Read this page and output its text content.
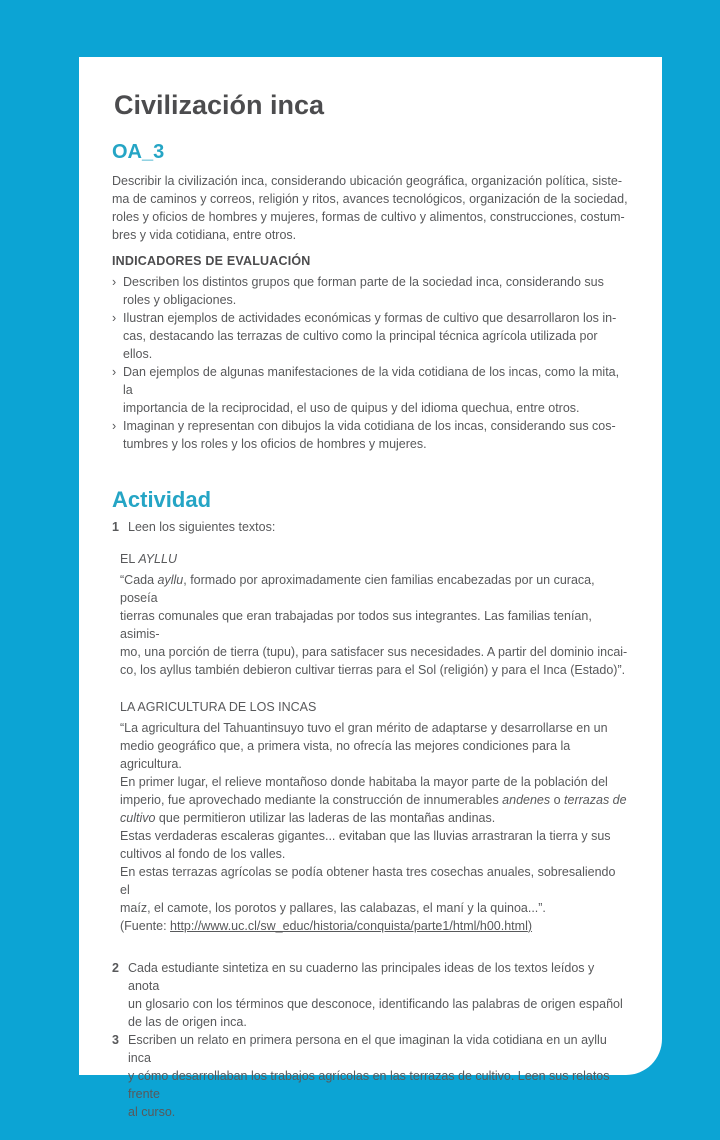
Civilización inca
OA_3
Describir la civilización inca, considerando ubicación geográfica, organización política, siste-
ma de caminos y correos, religión y ritos, avances tecnológicos, organización de la sociedad,
roles y oficios de hombres y mujeres, formas de cultivo y alimentos, construcciones, costum-
bres y vida cotidiana, entre otros.
INDICADORES DE EVALUACIÓN
› Describen los distintos grupos que forman parte de la sociedad inca, considerando sus
roles y obligaciones.
› Ilustran ejemplos de actividades económicas y formas de cultivo que desarrollaron los in-
cas, destacando las terrazas de cultivo como la principal técnica agrícola utilizada por ellos.
› Dan ejemplos de algunas manifestaciones de la vida cotidiana de los incas, como la mita, la
importancia de la reciprocidad, el uso de quipus y del idioma quechua, entre otros.
› Imaginan y representan con dibujos la vida cotidiana de los incas, considerando sus cos-
tumbres y los roles y los oficios de hombres y mujeres.
Actividad
1 Leen los siguientes textos:
EL AYLLU
“Cada ayllu, formado por aproximadamente cien familias encabezadas por un curaca, poseía
tierras comunales que eran trabajadas por todos sus integrantes. Las familias tenían, asimis-
mo, una porción de tierra (tupu), para satisfacer sus necesidades. A partir del dominio incai-
co, los ayllus también debieron cultivar tierras para el Sol (religión) y para el Inca (Estado)”.
LA AGRICULTURA DE LOS INCAS
“La agricultura del Tahuantinsuyo tuvo el gran mérito de adaptarse y desarrollarse en un
medio geográfico que, a primera vista, no ofrecía las mejores condiciones para la agricultura.
En primer lugar, el relieve montañoso donde habitaba la mayor parte de la población del
imperio, fue aprovechado mediante la construcción de innumerables andenes o terrazas de
cultivo que permitieron utilizar las laderas de las montañas andinas.
Estas verdaderas escaleras gigantes... evitaban que las lluvias arrastraran la tierra y sus
cultivos al fondo de los valles.
En estas terrazas agrícolas se podía obtener hasta tres cosechas anuales, sobresaliendo el
maíz, el camote, los porotos y pallares, las calabazas, el maní y la quinoa...”.
(Fuente: http://www.uc.cl/sw_educ/historia/conquista/parte1/html/h00.html)
2 Cada estudiante sintetiza en su cuaderno las principales ideas de los textos leídos y anota
un glosario con los términos que desconoce, identificando las palabras de origen español
de las de origen inca.
3 Escriben un relato en primera persona en el que imaginan la vida cotidiana en un ayllu inca
y cómo desarrollaban los trabajos agrícolas en las terrazas de cultivo. Leen sus relatos frente
al curso.
